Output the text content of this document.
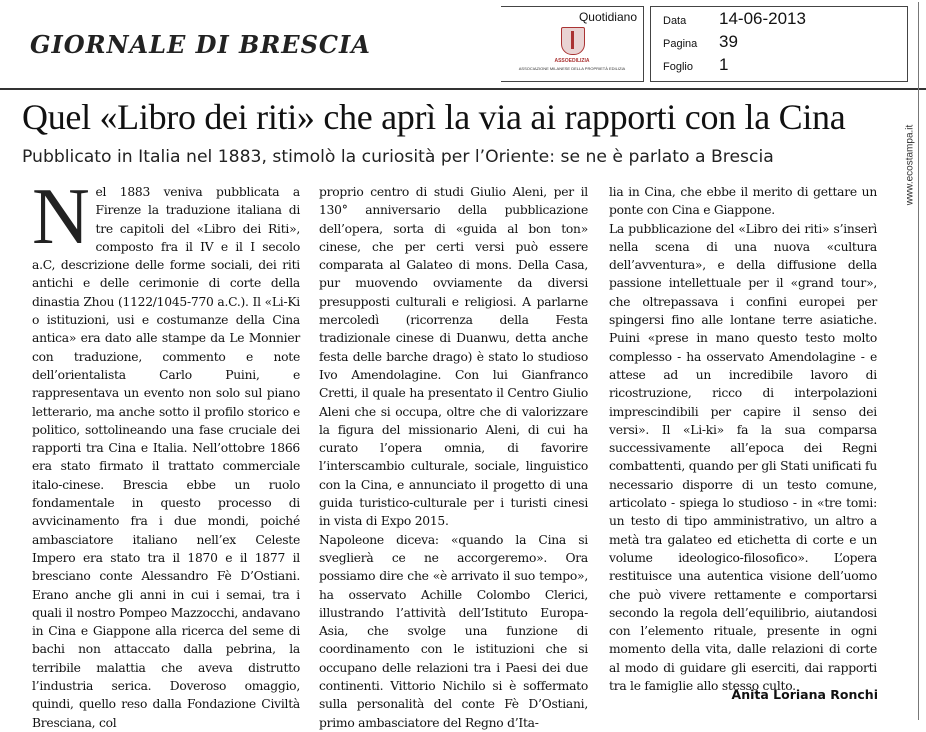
GIORNALE DI BRESCIA
Quotidiano
ASSOEDILIZIA
ASSOCIAZIONE MILANESE DELLA PROPRIETÀ EDILIZIA
Data 14-06-2013
Pagina 39
Foglio 1
www.ecostampa.it
Quel «Libro dei riti» che aprì la via ai rapporti con la Cina
Pubblicato in Italia nel 1883, stimolò la curiosità per l’Oriente: se ne è parlato a Brescia
N el 1883 veniva pubblicata a Firenze la traduzione italiana di tre capitoli del «Libro dei Riti», composto fra il IV e il I secolo a.C, descrizione delle forme sociali, dei riti antichi e delle cerimonie di corte della dinastia Zhou (1122/1045-770 a.C.). Il «Li-Ki o istituzioni, usi e costumanze della Cina antica» era dato alle stampe da Le Monnier con traduzione, commento e note dell’orientalista Carlo Puini, e rappresentava un evento non solo sul piano letterario, ma anche sotto il profilo storico e politico, sottolineando una fase cruciale dei rapporti tra Cina e Italia. Nell’ottobre 1866 era stato firmato il trattato commerciale italo-cinese. Brescia ebbe un ruolo fondamentale in questo processo di avvicinamento fra i due mondi, poiché ambasciatore italiano nell’ex Celeste Impero era stato tra il 1870 e il 1877 il bresciano conte Alessandro Fè D’Ostiani. Erano anche gli anni in cui i semai, tra i quali il nostro Pompeo Mazzocchi, andavano in Cina e Giappone alla ricerca del seme di bachi non attaccato dalla pebrina, la terribile malattia che aveva distrutto l’industria serica. Doveroso omaggio, quindi, quello reso dalla Fondazione Civiltà Bresciana, col

proprio centro di studi Giulio Aleni, per il 130° anniversario della pubblicazione dell’opera, sorta di «guida al bon ton» cinese, che per certi versi può essere comparata al Galateo di mons. Della Casa, pur muovendo ovviamente da diversi presupposti culturali e religiosi. A parlarne mercoledì (ricorrenza della Festa tradizionale cinese di Duanwu, detta anche festa delle barche drago) è stato lo studioso Ivo Amendolagine. Con lui Gianfranco Cretti, il quale ha presentato il Centro Giulio Aleni che si occupa, oltre che di valorizzare la figura del missionario Aleni, di cui ha curato l’opera omnia, di favorire l’interscambio culturale, sociale, linguistico con la Cina, e annunciato il progetto di una guida turistico-culturale per i turisti cinesi in vista di Expo 2015.

Napoleone diceva: «quando la Cina si sveglierà ce ne accorgeremo». Ora possiamo dire che «è arrivato il suo tempo», ha osservato Achille Colombo Clerici, illustrando l’attività dell’Istituto Europa-Asia, che svolge una funzione di coordinamento con le istituzioni che si occupano delle relazioni tra i Paesi dei due continenti. Vittorio Nichilo si è soffermato sulla personalità del conte Fè D’Ostiani, primo ambasciatore del Regno d’Ita-

lia in Cina, che ebbe il merito di gettare un ponte con Cina e Giappone.

La pubblicazione del «Libro dei riti» s’inserì nella scena di una nuova «cultura dell’avventura», e della diffusione della passione intellettuale per il «grand tour», che oltrepassava i confini europei per spingersi fino alle lontane terre asiatiche. Puini «prese in mano questo testo molto complesso - ha osservato Amendolagine - e attese ad un incredibile lavoro di ricostruzione, ricco di interpolazioni imprescindibili per capire il senso dei versi». Il «Li-ki» fa la sua comparsa successivamente all’epoca dei Regni combattenti, quando per gli Stati unificati fu necessario disporre di un testo comune, articolato - spiega lo studioso - in «tre tomi: un testo di tipo amministrativo, un altro a metà tra galateo ed etichetta di corte e un volume ideologico-filosofico». L’opera restituisce una autentica visione dell’uomo che può vivere rettamente e comportarsi secondo la regola dell’equilibrio, aiutandosi con l’elemento rituale, presente in ogni momento della vita, dalle relazioni di corte al modo di guidare gli eserciti, dai rapporti tra le famiglie allo stesso culto.

Anita Loriana Ronchi
